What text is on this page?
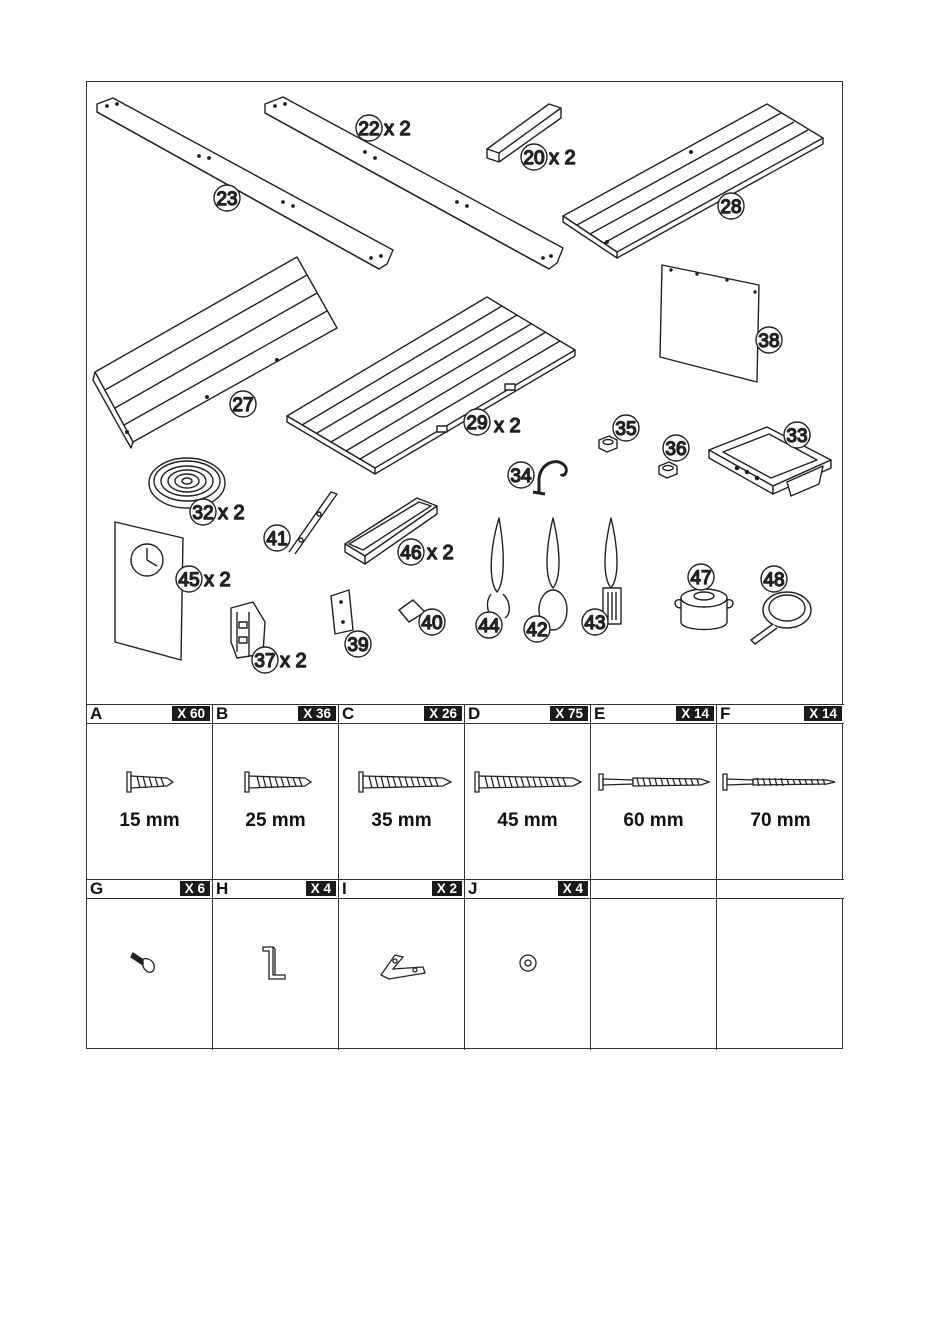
23
22 x 2
20 x 2
28
38
27
29 x 2	35
36
33
34
32 x 2
41
46 x 2
45 x 2
37 x 2
39
40 44 42 43
47	48
A	X 60
15 mm
B	X 36
25 mm
C	X 26
35 mm
D	X 75
45 mm
E	X 14
60 mm
F	X 14
70 mm
G	X 6 H	X 4 I	X 2 J	X 4
